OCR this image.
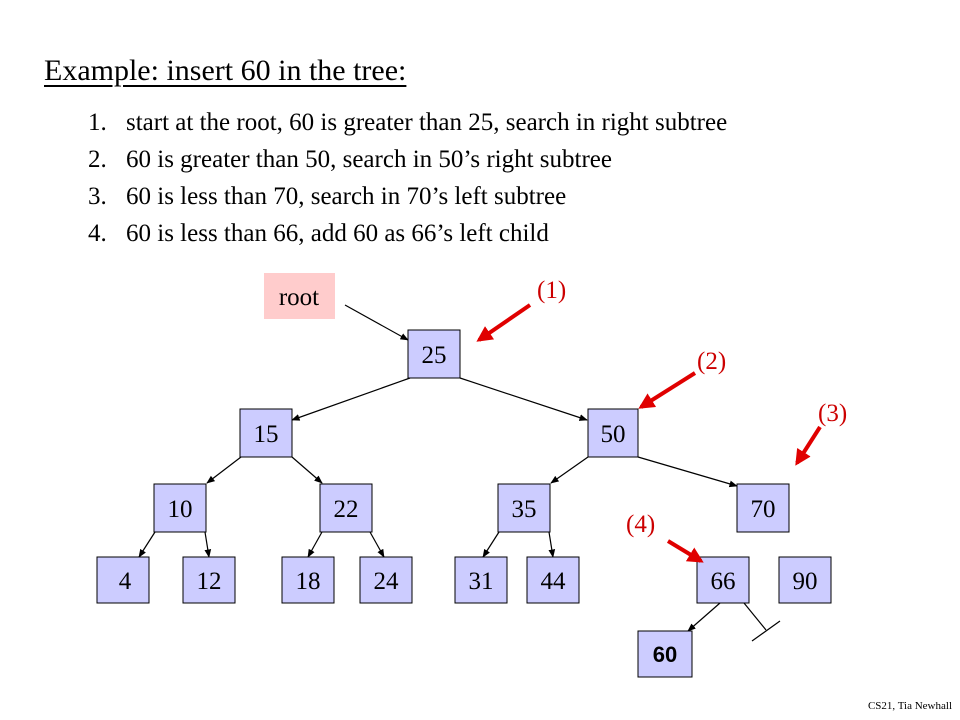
Example: insert 60 in the tree:
1. start at the root, 60 is greater than 25, search in right subtree
2. 60 is greater than 50, search in 50’s right subtree
3. 60 is less than 70, search in 70’s left subtree
4. 60 is less than 66, add 60 as 66’s left child
root
25
15	50
10	22	35	70
4	12	18 24	31 44	66 90
60
(1)
(2)
(3)
(4)
CS21, Tia Newhall
